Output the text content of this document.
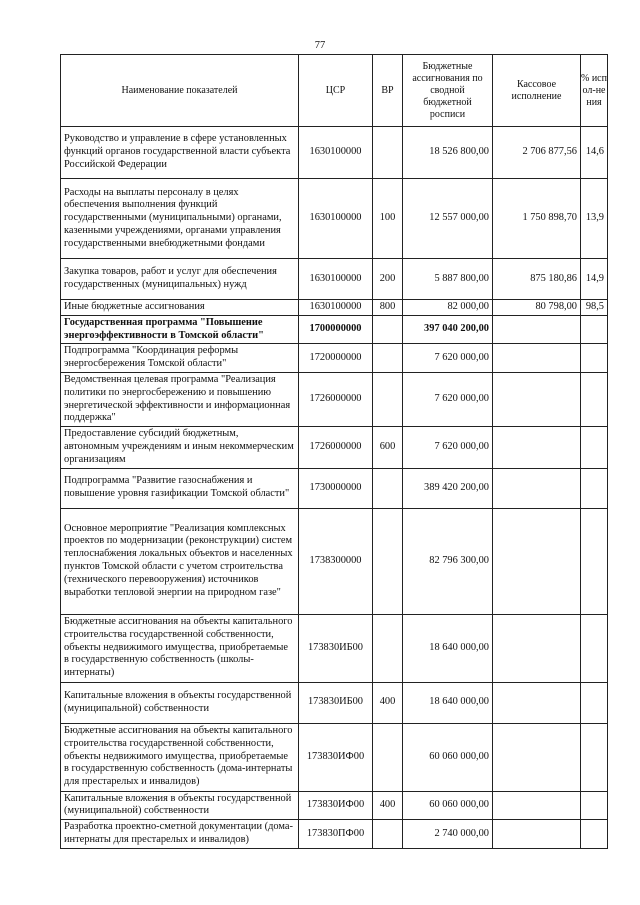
77
Наименование показателей	ЦСР	ВР	Бюджетные ассигнования по сводной бюджетной росписи	Кассовое исполнение	% испол-нения
Руководство и управление в сфере установленных функций органов государственной власти субъекта Российской Федерации	1630100000		18 526 800,00	2 706 877,56	14,6
Расходы на выплаты персоналу в целях обеспечения выполнения функций государственными (муниципальными) органами, казенными учреждениями, органами управления государственными внебюджетными фондами	1630100000	100	12 557 000,00	1 750 898,70	13,9
Закупка товаров, работ и услуг для обеспечения государственных (муниципальных) нужд	1630100000	200	5 887 800,00	875 180,86	14,9
Иные бюджетные ассигнования	1630100000	800	82 000,00	80 798,00	98,5
Государственная программа "Повышение энергоэффективности в Томской области"	1700000000		397 040 200,00		
Подпрограмма "Координация реформы энергосбережения Томской области"	1720000000		7 620 000,00		
Ведомственная целевая программа "Реализация политики по энергосбережению и повышению энергетической эффективности и информационная поддержка"	1726000000		7 620 000,00		
Предоставление субсидий бюджетным, автономным учреждениям и иным некоммерческим организациям	1726000000	600	7 620 000,00		
Подпрограмма "Развитие газоснабжения и повышение уровня газификации Томской области"	1730000000		389 420 200,00		
Основное мероприятие "Реализация комплексных проектов по модернизации (реконструкции) систем теплоснабжения локальных объектов и населенных пунктов Томской области с учетом строительства (технического перевооружения) источников выработки тепловой энергии на природном газе"	1738300000		82 796 300,00		
Бюджетные ассигнования на объекты капитального строительства государственной собственности, объекты недвижимого имущества, приобретаемые в государственную собственность (школы-интернаты)	173830ИБ00		18 640 000,00		
Капитальные вложения в объекты государственной (муниципальной) собственности	173830ИБ00	400	18 640 000,00		
Бюджетные ассигнования на объекты капитального строительства государственной собственности, объекты недвижимого имущества, приобретаемые в государственную собственность (дома-интернаты для престарелых и инвалидов)	173830ИФ00		60 060 000,00		
Капитальные вложения в объекты государственной (муниципальной) собственности	173830ИФ00	400	60 060 000,00		
Разработка проектно-сметной документации (дома-интернаты для престарелых и инвалидов)	173830ПФ00		2 740 000,00		
